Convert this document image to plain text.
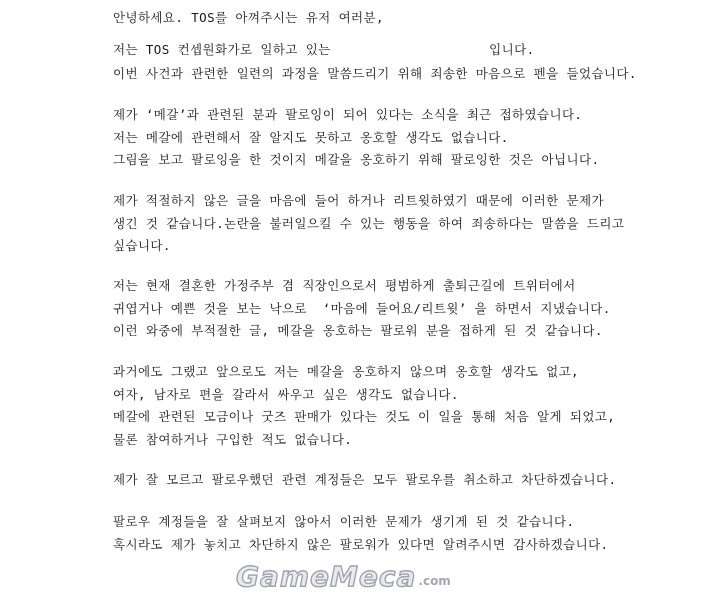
안녕하세요. TOS를 아껴주시는 유저 여러분,
저는 TOS 컨셉원화가로 일하고 있는                    입니다.
이번 사건과 관련한 일련의 과정을 말씀드리기 위해 죄송한 마음으로 펜을 들었습니다.
제가 ‘메갈’과 관련된 분과 팔로잉이 되어 있다는 소식을 최근 접하였습니다.
저는 메갈에 관련해서 잘 알지도 못하고 옹호할 생각도 없습니다.
그림을 보고 팔로잉을 한 것이지 메갈을 옹호하기 위해 팔로잉한 것은 아닙니다.
제가 적절하지 않은 글을 마음에 들어 하거나 리트윗하였기 때문에 이러한 문제가
생긴 것 같습니다.논란을 불러일으킬 수 있는 행동을 하여 죄송하다는 말씀을 드리고
싶습니다.
저는 현재 결혼한 가정주부 겸 직장인으로서 평범하게 출퇴근길에 트위터에서
귀엽거나 예쁜 것을 보는 낙으로  ‘마음에 들어요/리트윗’ 을 하면서 지냈습니다.
이런 와중에 부적절한 글, 메갈을 옹호하는 팔로워 분을 접하게 된 것 같습니다.
과거에도 그랬고 앞으로도 저는 메갈을 옹호하지 않으며 옹호할 생각도 없고,
여자, 남자로 편을 갈라서 싸우고 싶은 생각도 없습니다.
메갈에 관련된 모금이나 굿즈 판매가 있다는 것도 이 일을 통해 처음 알게 되었고,
물론 참여하거나 구입한 적도 없습니다.
제가 잘 모르고 팔로우했던 관련 계정들은 모두 팔로우를 취소하고 차단하겠습니다.
팔로우 계정들을 잘 살펴보지 않아서 이러한 문제가 생기게 된 것 같습니다.
혹시라도 제가 놓치고 차단하지 않은 팔로워가 있다면 알려주시면 감사하겠습니다.
GameMeca .com
